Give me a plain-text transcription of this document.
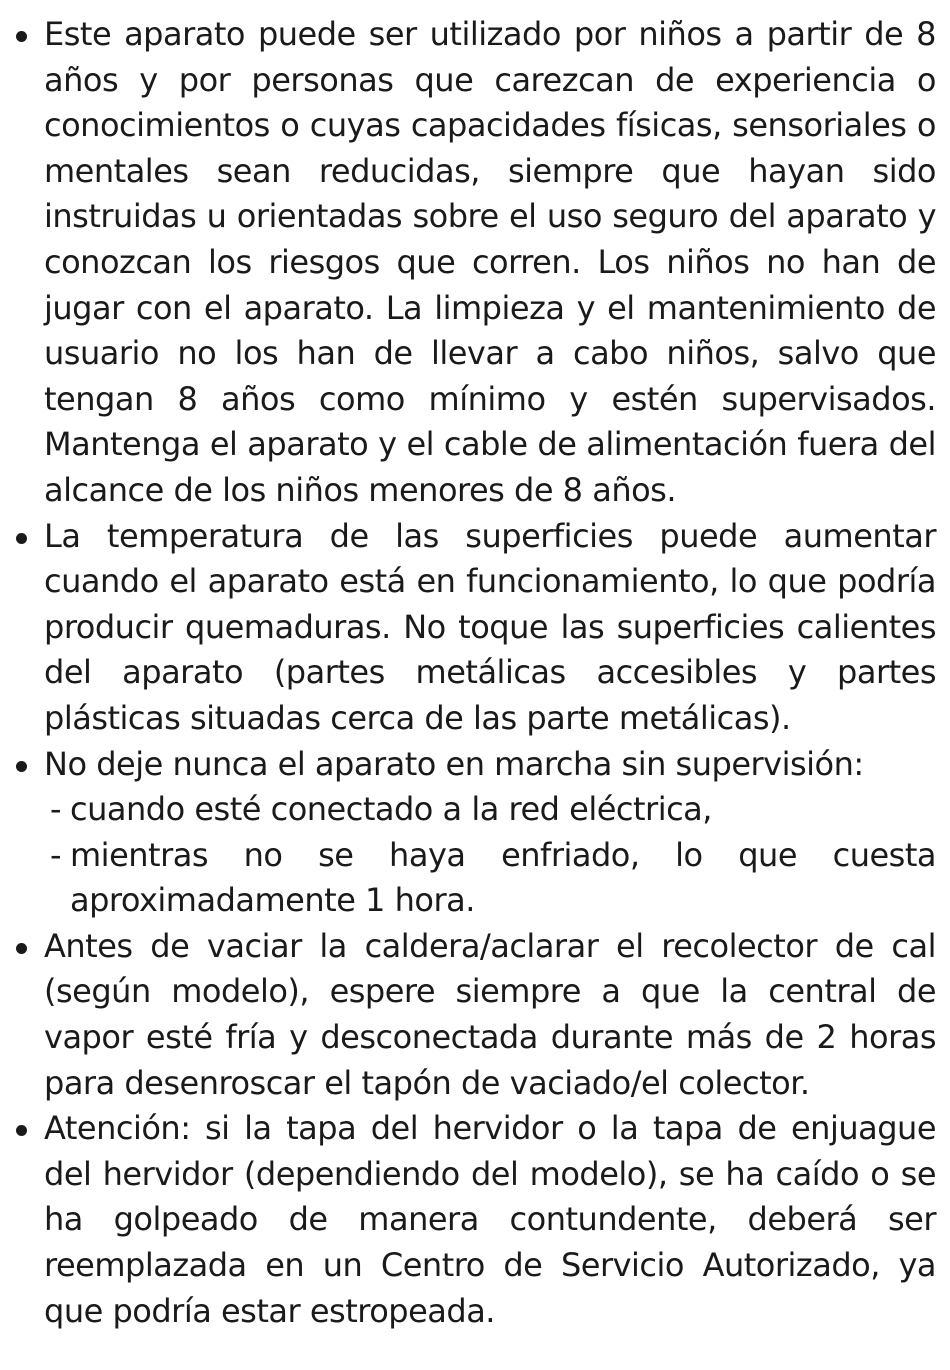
Este aparato puede ser utilizado por niños a partir de 8 años y por personas que carezcan de experiencia o conocimientos o cuyas capacidades físicas, sensoriales o mentales sean reducidas, siempre que hayan sido instruidas u orientadas sobre el uso seguro del aparato y conozcan los riesgos que corren. Los niños no han de jugar con el aparato. La limpieza y el mantenimiento de usuario no los han de llevar a cabo niños, salvo que tengan 8 años como mínimo y estén supervisados. Mantenga el aparato y el cable de alimentación fuera del alcance de los niños menores de 8 años.
La temperatura de las superficies puede aumentar cuando el aparato está en funcionamiento, lo que podría producir quemaduras. No toque las superficies calientes del aparato (partes metálicas accesibles y partes plásticas situadas cerca de las parte metálicas).
No deje nunca el aparato en marcha sin supervisión:
- cuando esté conectado a la red eléctrica,
- mientras no se haya enfriado, lo que cuesta aproximadamente 1 hora.
Antes de vaciar la caldera/aclarar el recolector de cal (según modelo), espere siempre a que la central de vapor esté fría y desconectada durante más de 2 horas para desenroscar el tapón de vaciado/el colector.
Atención: si la tapa del hervidor o la tapa de enjuague del hervidor (dependiendo del modelo), se ha caído o se ha golpeado de manera contundente, deberá ser reemplazada en un Centro de Servicio Autorizado, ya que podría estar estropeada.
